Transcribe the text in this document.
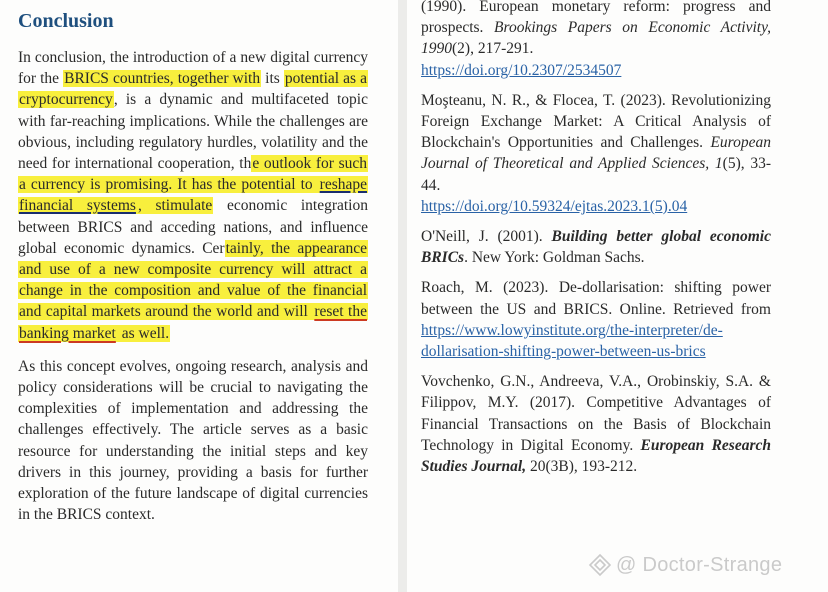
Conclusion

In conclusion, the introduction of a new digital currency for the BRICS countries, together with its potential as a cryptocurrency, is a dynamic and multifaceted topic with far-reaching implications. While the challenges are obvious, including regulatory hurdles, volatility and the need for international cooperation, the outlook for such a currency is promising. It has the potential to reshape financial systems , stimulate economic integration between BRICS and acceding nations, and influence global economic dynamics. Certainly, the appearance and use of a new composite currency will attract a change in the composition and value of the financial and capital markets around the world and will reset the banking market as well.

As this concept evolves, ongoing research, analysis and policy considerations will be crucial to navigating the complexities of implementation and addressing the challenges effectively. The article serves as a basic resource for understanding the initial steps and key drivers in this journey, providing a basis for further exploration of the future landscape of digital currencies in the BRICS context.

(1990). European monetary reform: progress and prospects. Brookings Papers on Economic Activity, 1990(2), 217-291.
https://doi.org/10.2307/2534507

Moşteanu, N. R., & Flocea, T. (2023). Revolutionizing Foreign Exchange Market: A Critical Analysis of Blockchain's Opportunities and Challenges. European Journal of Theoretical and Applied Sciences, 1(5), 33-44.
https://doi.org/10.59324/ejtas.2023.1(5).04

O'Neill, J. (2001). Building better global economic BRICs. New York: Goldman Sachs.

Roach, M. (2023). De-dollarisation: shifting power between the US and BRICS. Online. Retrieved from https://www.lowyinstitute.org/the-interpreter/de-dollarisation-shifting-power-between-us-brics

Vovchenko, G.N., Andreeva, V.A., Orobinskiy, S.A. & Filippov, M.Y. (2017). Competitive Advantages of Financial Transactions on the Basis of Blockchain Technology in Digital Economy. European Research Studies Journal, 20(3B), 193-212.

@ Doctor-Strange
